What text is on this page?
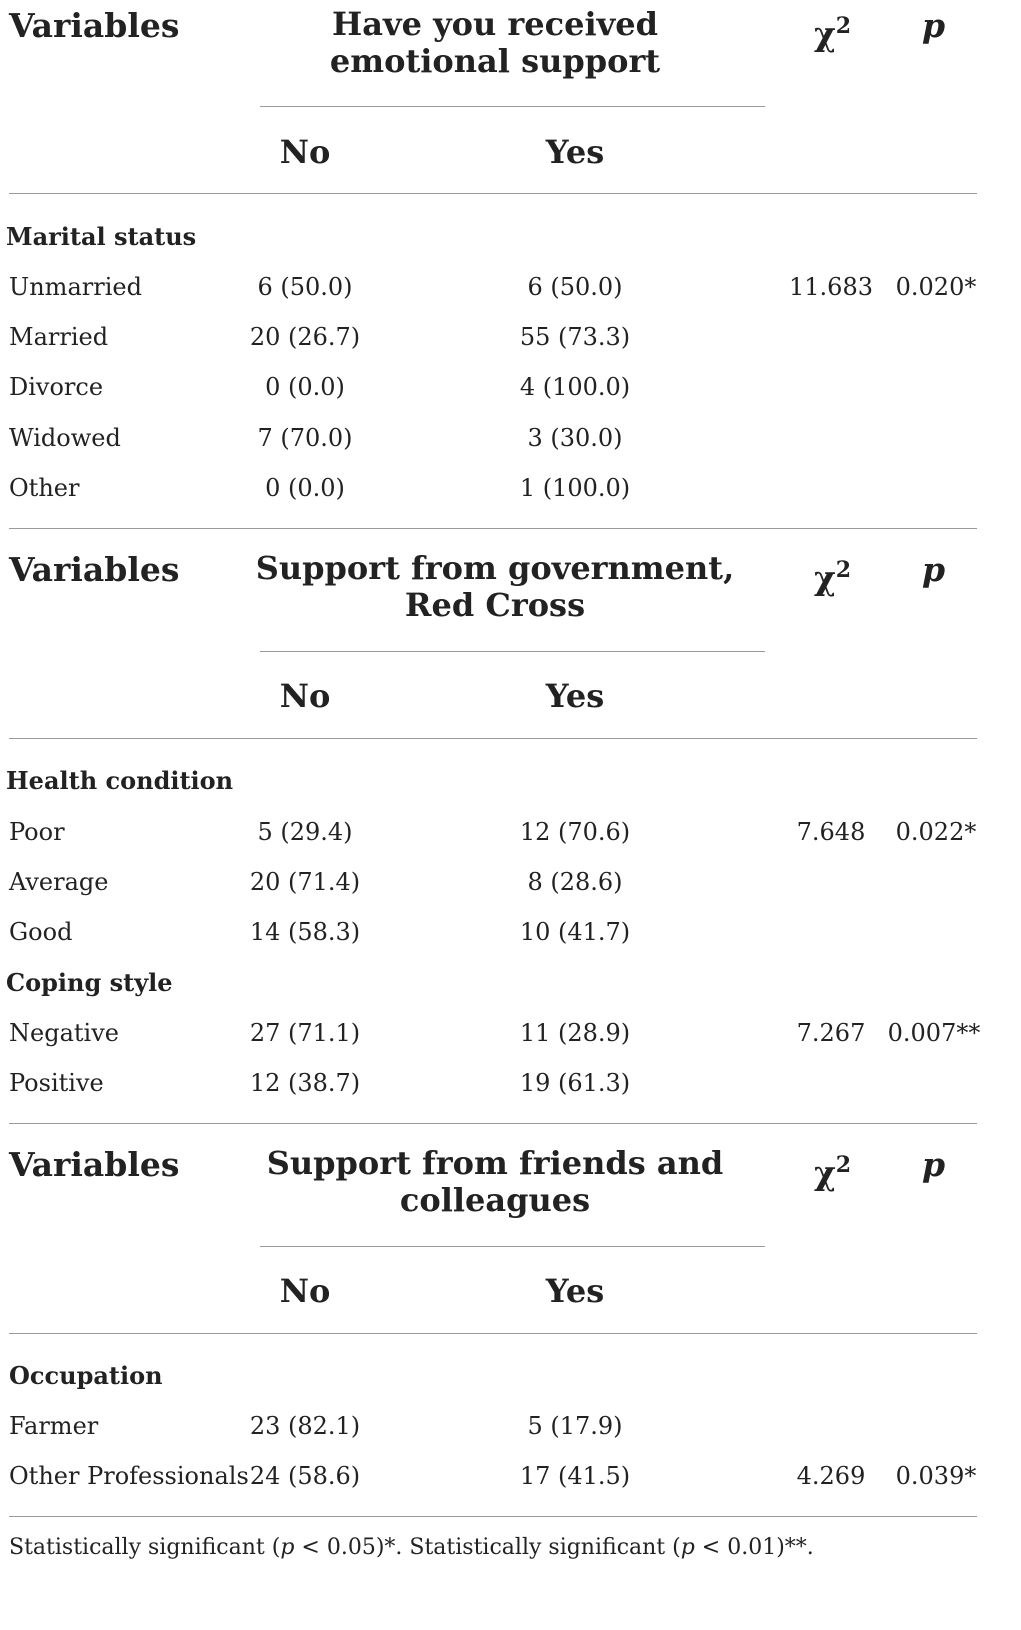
Variables	Have you received emotional support
$\chi^2$ p
No	Yes
Marital status
Unmarried	6 (50.0)	6 (50.0)	11.683 0.020*
Married	20 (26.7)	55 (73.3)
Divorce	0 (0.0)	4 (100.0)
Widowed	7 (70.0)	3 (30.0)
Other	0 (0.0)	1 (100.0)
Variables Support from government, Red Cross
$\chi^2$ p
No	Yes
Health condition
Poor	5 (29.4)	12 (70.6)	7.648	0.022*
Average	20 (71.4)	8 (28.6)
Good	14 (58.3)	10 (41.7)
Coping style
Negative	27 (71.1)	11 (28.9)	7.267 0.007**
Positive	12 (38.7)	19 (61.3)
Variables	Support from friends and colleagues
$\chi^2$ p
No	Yes
Occupation
Farmer	23 (82.1)	5 (17.9)
Other Professionals 24 (58.6)	17 (41.5)	4.269	0.039*
Statistically significant (p < 0.05)*. Statistically significant (p < 0.01)**.
